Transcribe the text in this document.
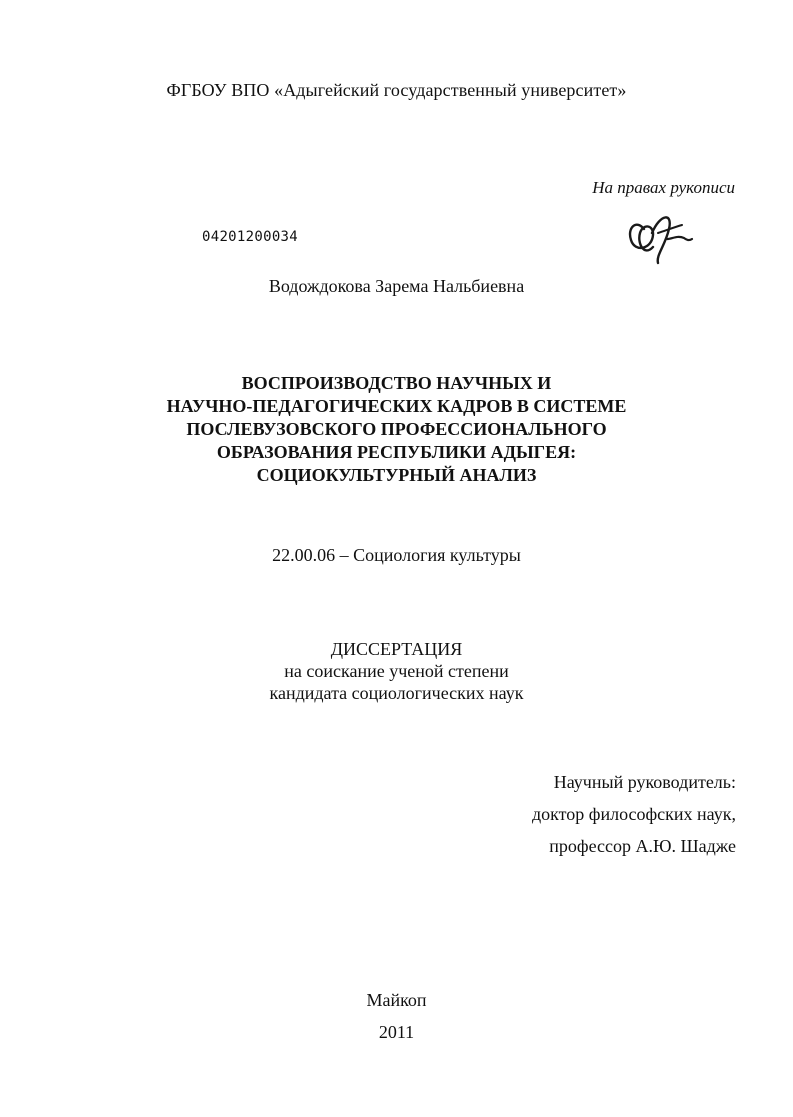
ФГБОУ ВПО «Адыгейский государственный университет»

На правах рукописи

04201200034

Водождокова Зарема Нальбиевна

ВОСПРОИЗВОДСТВО НАУЧНЫХ И
НАУЧНО-ПЕДАГОГИЧЕСКИХ КАДРОВ В СИСТЕМЕ
ПОСЛЕВУЗОВСКОГО ПРОФЕССИОНАЛЬНОГО
ОБРАЗОВАНИЯ РЕСПУБЛИКИ АДЫГЕЯ:
СОЦИОКУЛЬТУРНЫЙ АНАЛИЗ

22.00.06 – Социология культуры

ДИССЕРТАЦИЯ
на соискание ученой степени
кандидата социологических наук
Научный руководитель:
доктор философских наук,
профессор А.Ю. Шадже

Майкоп

2011
